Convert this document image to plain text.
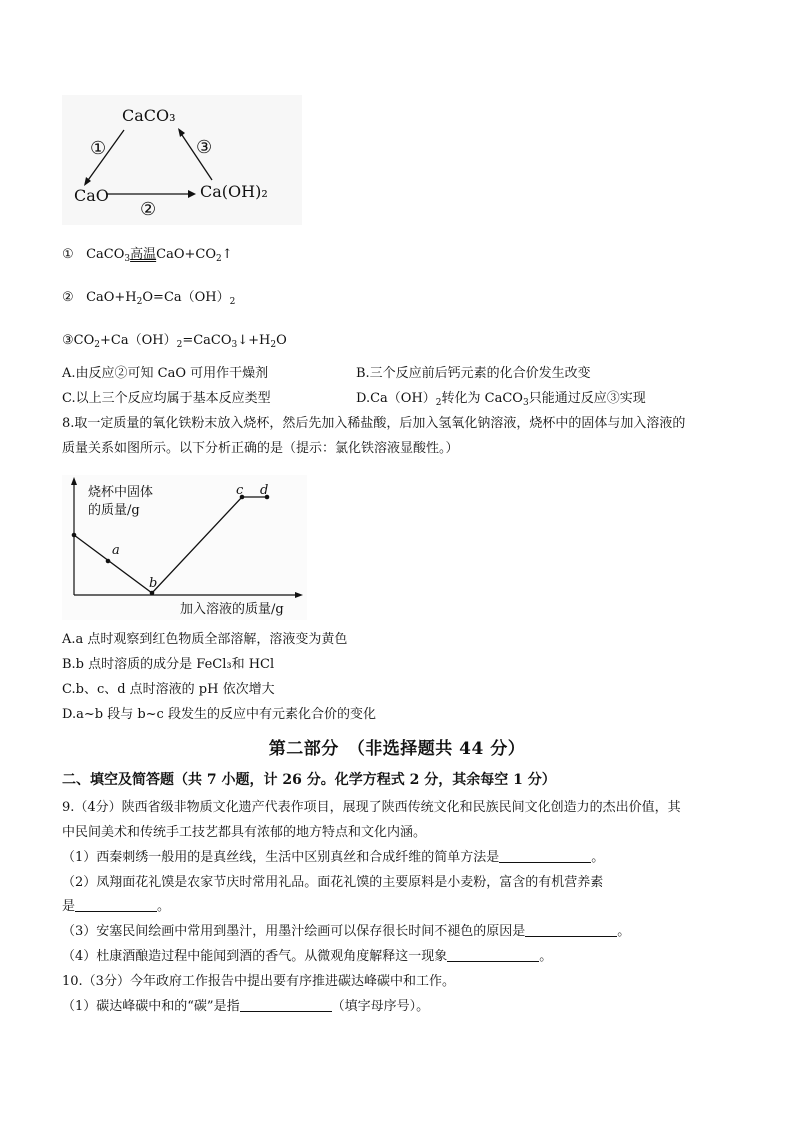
CaCO₃
CaO	Ca(OH)₂
①
②
③
① CaCO$_3$高温$CaO+CO_2↑$
② $CaO+H_2O=Ca(OH)_2$
$③CO_2+Ca(OH)_2=CaCO_3↓+H_2O$
A.由反应②可知 CaO 可用作干燥剂	B.三个反应前后钙元素的化合价发生改变
C.以上三个反应均属于基本反应类型	$D.Ca(OH)_2$转化为 CaCO$_3$只能通过反应③实现
8.取一定质量的氧化铁粉末放入烧杯，然后先加入稀盐酸，后加入氢氧化钠溶液，烧杯中的固体与加入溶液的
质量关系如图所示。以下分析正确的是（提示：氯化铁溶液显酸性。）
烧杯中固体
的质量/g
加入溶液的质量/g
a
b
c d
A.a 点时观察到红色物质全部溶解，溶液变为黄色
B.b 点时溶质的成分是 FeCl₃和 HCl
C.b、c、d 点时溶液的 pH 依次增大
D.a~b 段与 b~c 段发生的反应中有元素化合价的变化
第二部分　（非选择题共 44 分）
二、填空及简答题（共 7 小题，计 26 分。化学方程式 2 分，其余每空 1 分）
9.（4分）陕西省级非物质文化遗产代表作项目，展现了陕西传统文化和民族民间文化创造力的杰出价值，其
中民间美术和传统手工技艺都具有浓郁的地方特点和文化内涵。
（1）西秦刺绣一般用的是真丝线，生活中区别真丝和合成纤维的简单方法是	。
（2）凤翔面花礼馍是农家节庆时常用礼品。面花礼馍的主要原料是小麦粉，富含的有机营养素
是	。
（3）安塞民间绘画中常用到墨汁，用墨汁绘画可以保存很长时间不褪色的原因是	。
（4）杜康酒酿造过程中能闻到酒的香气。从微观角度解释这一现象	。
10.（3分）今年政府工作报告中提出要有序推进碳达峰碳中和工作。
（1）碳达峰碳中和的“碳”是指	（填字母序号）。
